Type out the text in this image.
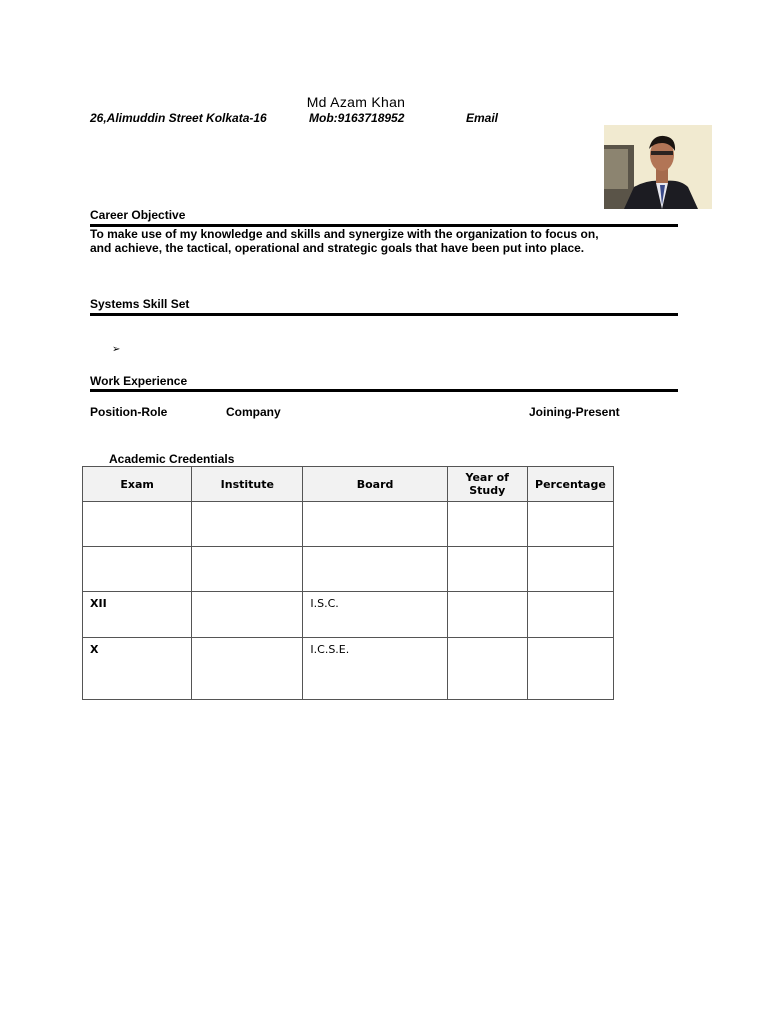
Md Azam Khan
26,Alimuddin Street Kolkata-16	Mob:9163718952	Email
Career Objective
To make use of my knowledge and skills and synergize with the organization to focus on,
and achieve, the tactical, operational and strategic goals that have been put into place.
Systems Skill Set
➢
Work Experience
Position-Role	Company	Joining-Present
Academic Credentials
Exam	Institute	Board	Year of Study	Percentage

XII		I.S.C.		
X		I.C.S.E.		
